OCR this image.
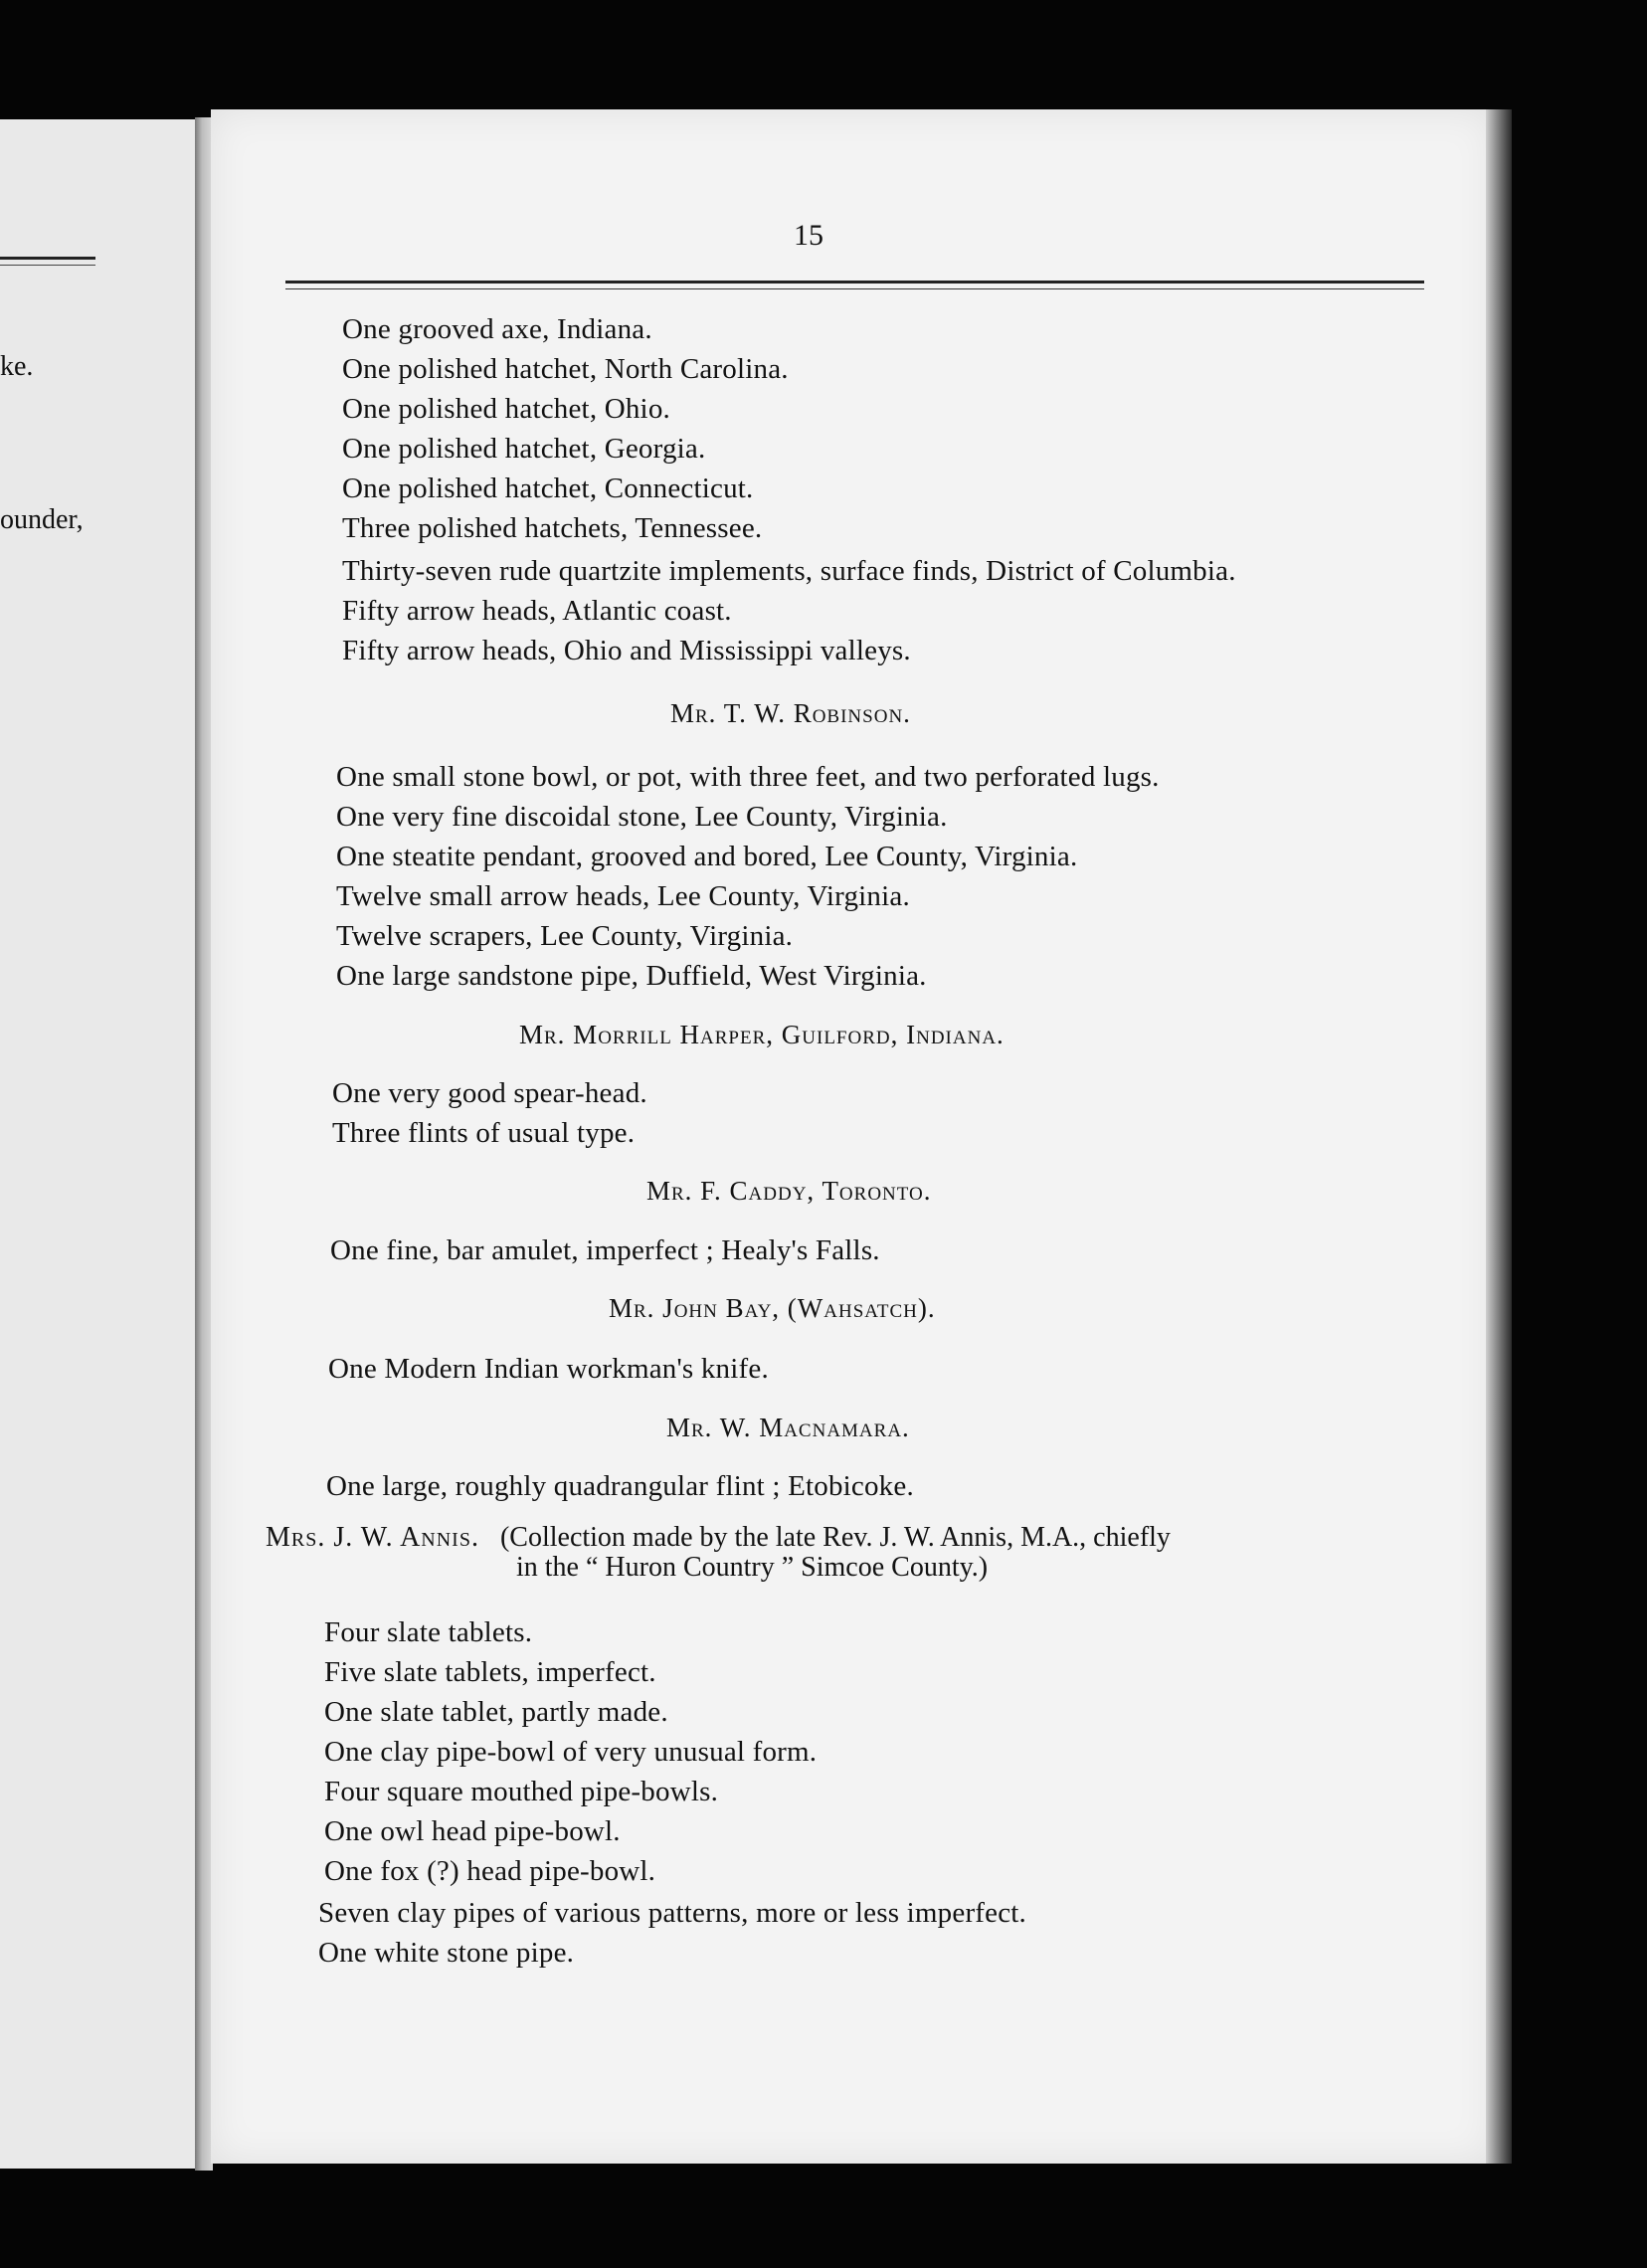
ke.
ounder,
15
One grooved axe, Indiana.
One polished hatchet, North Carolina.
One polished hatchet, Ohio.
One polished hatchet, Georgia.
One polished hatchet, Connecticut.
Three polished hatchets, Tennessee.
Thirty-seven rude quartzite implements, surface finds, District of Columbia.
Fifty arrow heads, Atlantic coast.
Fifty arrow heads, Ohio and Mississippi valleys.
Mr. T. W. Robinson.
One small stone bowl, or pot, with three feet, and two perforated lugs.
One very fine discoidal stone, Lee County, Virginia.
One steatite pendant, grooved and bored, Lee County, Virginia.
Twelve small arrow heads, Lee County, Virginia.
Twelve scrapers, Lee County, Virginia.
One large sandstone pipe, Duffield, West Virginia.
Mr. Morrill Harper, Guilford, Indiana.
One very good spear-head.
Three flints of usual type.
Mr. F. Caddy, Toronto.
One fine, bar amulet, imperfect ; Healy's Falls.
Mr. John Bay, (Wahsatch).
One Modern Indian workman's knife.
Mr. W. Macnamara.
One large, roughly quadrangular flint ; Etobicoke.
Mrs. J. W. Annis. (Collection made by the late Rev. J. W. Annis, M.A., chiefly
in the “ Huron Country ” Simcoe County.)
Four slate tablets.
Five slate tablets, imperfect.
One slate tablet, partly made.
One clay pipe-bowl of very unusual form.
Four square mouthed pipe-bowls.
One owl head pipe-bowl.
One fox (?) head pipe-bowl.
Seven clay pipes of various patterns, more or less imperfect.
One white stone pipe.
